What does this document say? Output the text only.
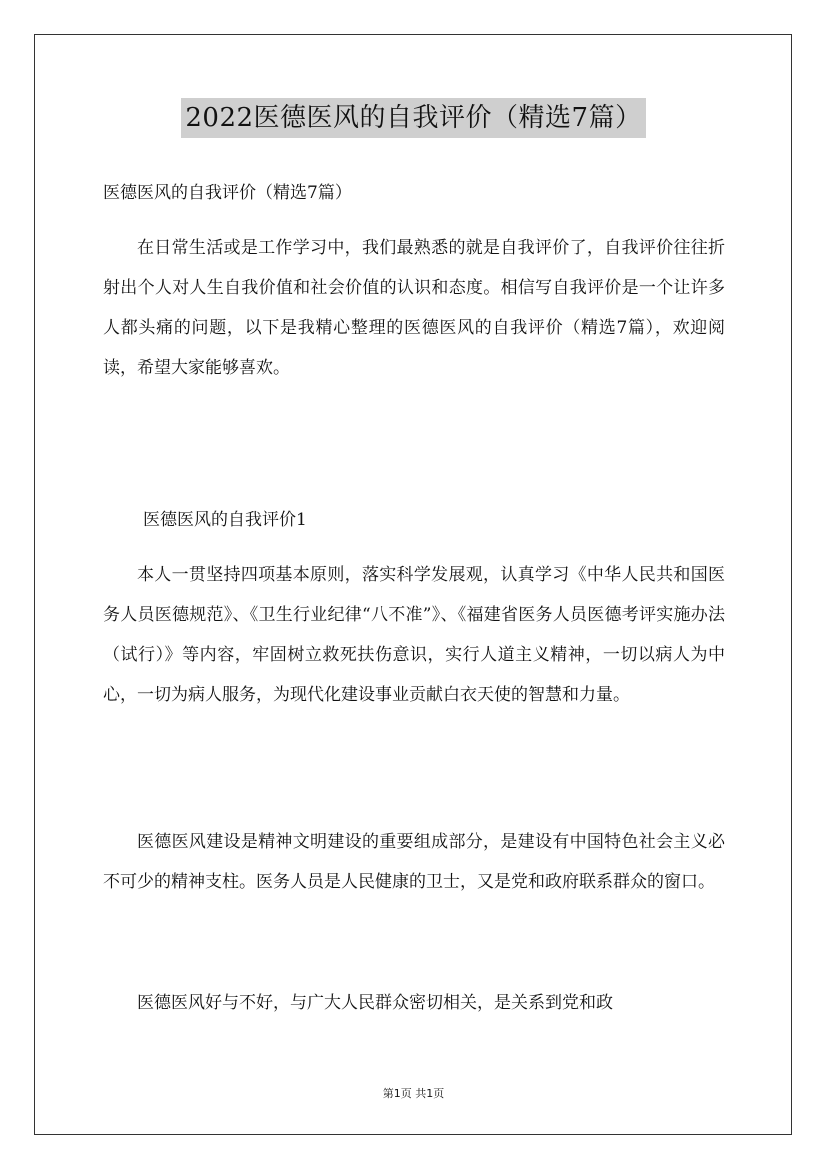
2022医德医风的自我评价（精选7篇）
医德医风的自我评价（精选7篇）

在日常生活或是工作学习中，我们最熟悉的就是自我评价了，自我评价往往折射出个人对人生自我价值和社会价值的认识和态度。相信写自我评价是一个让许多人都头痛的问题，以下是我精心整理的医德医风的自我评价（精选7篇），欢迎阅读，希望大家能够喜欢。

医德医风的自我评价1

本人一贯坚持四项基本原则，落实科学发展观，认真学习《中华人民共和国医务人员医德规范》、《卫生行业纪律“八不准”》、《福建省医务人员医德考评实施办法（试行）》等内容，牢固树立救死扶伤意识，实行人道主义精神，一切以病人为中心，一切为病人服务，为现代化建设事业贡献白衣天使的智慧和力量。

医德医风建设是精神文明建设的重要组成部分，是建设有中国特色社会主义必不可少的精神支柱。医务人员是人民健康的卫士，又是党和政府联系群众的窗口。

医德医风好与不好，与广大人民群众密切相关，是关系到党和政

第1页 共1页
